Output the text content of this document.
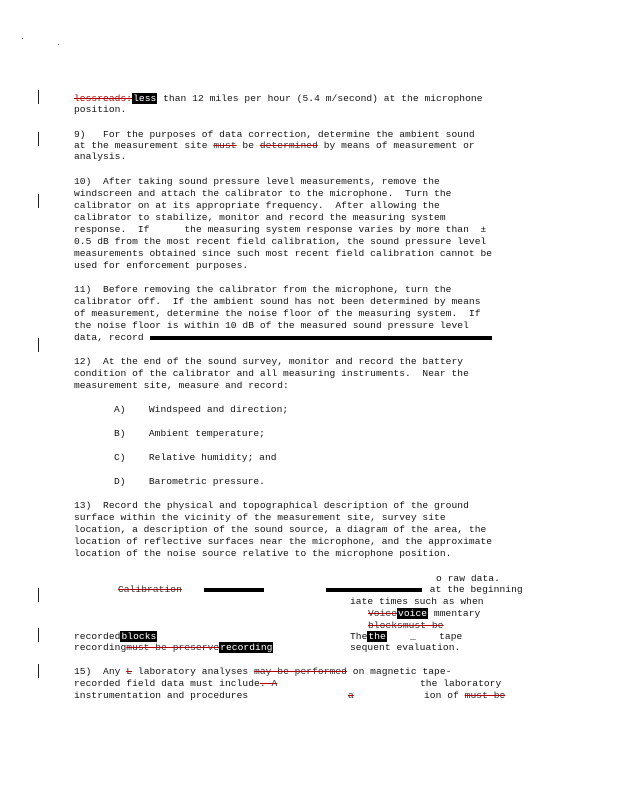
lessreads:less than 12 miles per hour (5.4 m/second) at the microphone
position.
9)   For the purposes of data correction, determine the ambient sound
at the measurement site must be determined by means of measurement or
analysis.
10)  After taking sound pressure level measurements, remove the
windscreen and attach the calibrator to the microphone.  Turn the
calibrator on at its appropriate frequency.  After allowing the
calibrator to stabilize, monitor and record the measuring system
response.  If      the measuring system response varies by more than  ±
0.5 dB from the most recent field calibration, the sound pressure level
measurements obtained since such most recent field calibration cannot be
used for enforcement purposes.
11)  Before removing the calibrator from the microphone, turn the
calibrator off.  If the ambient sound has not been determined by means
of measurement, determine the noise floor of the measuring system.  If
the noise floor is within 10 dB of the measured sound pressure level
data, record
12)  At the end of the sound survey, monitor and record the battery
condition of the calibrator and all measuring instruments.  Near the
measurement site, measure and record:
A)    Windspeed and direction;
B)    Ambient temperature;
C)    Relative humidity; and
D)    Barometric pressure.
13)  Record the physical and topographical description of the ground
surface within the vicinity of the measurement site, survey site
location, a description of the sound source, a diagram of the area, the
location of reflective surfaces near the microphone, and the approximate
location of the noise source relative to the microphone position.
o raw data.
Calibration	at the beginning
iate times such as when
Voicevoice mmentary
blocksmust be
recordedblocks	Thethe    _    tape
recordingmust be preserverecording	sequent evaluation.
15)  Any L laboratory analyses may be performed on magnetic tape-
recorded field data must include. A	the laboratory
instrumentation and procedures	a	ion of must be
